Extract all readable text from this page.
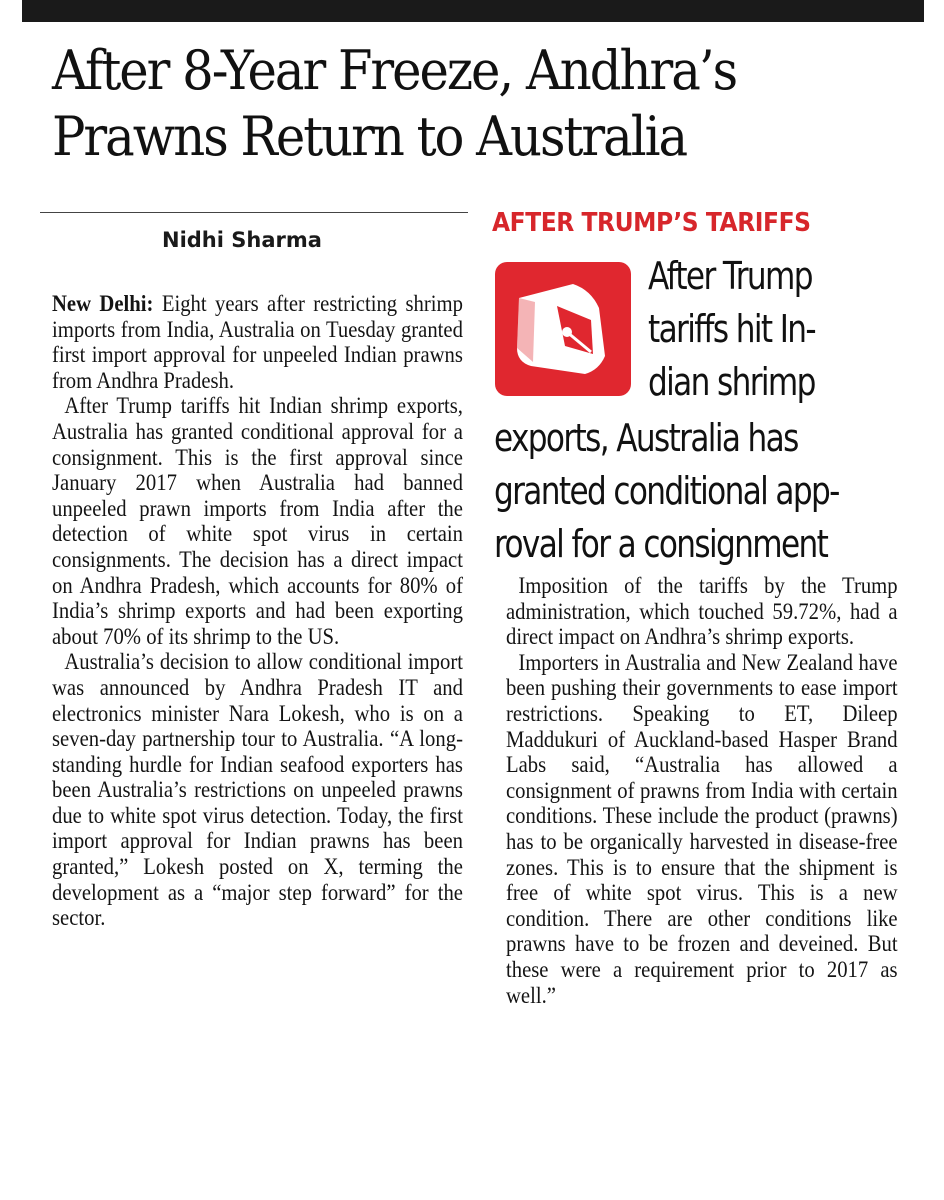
After 8-Year Freeze, Andhra’s
Prawns Return to Australia
Nidhi Sharma

New Delhi: Eight years after restricting shrimp imports from India, Australia on Tuesday granted first import approval for unpeeled Indian prawns from Andhra Pradesh.

After Trump tariffs hit Indian shrimp exports, Australia has granted conditional approval for a consignment. This is the first approval since January 2017 when Australia had banned unpeeled prawn imports from India after the detection of white spot virus in certain consignments. The decision has a direct impact on Andhra Pradesh, which accounts for 80% of India’s shrimp exports and had been exporting about 70% of its shrimp to the US.

Australia’s decision to allow conditional import was announced by Andhra Pradesh IT and electronics minister Nara Lokesh, who is on a seven-day partnership tour to Australia. “A long-standing hurdle for Indian seafood exporters has been Australia’s restrictions on unpeeled prawns due to white spot virus detection. Today, the first import approval for Indian prawns has been granted,” Lokesh posted on X, terming the development as a “major step forward” for the sector.

AFTER TRUMP’S TARIFFS
After Trump
tariffs hit In-
dian shrimp
exports, Australia has
granted conditional app-
roval for a consignment

Imposition of the tariffs by the Trump administration, which touched 59.72%, had a direct impact on Andhra’s shrimp exports.

Importers in Australia and New Zealand have been pushing their governments to ease import restrictions. Speaking to ET, Dileep Maddukuri of Auckland-based Hasper Brand Labs said, “Australia has allowed a consignment of prawns from India with certain conditions. These include the product (prawns) has to be organically harvested in disease-free zones. This is to ensure that the shipment is free of white spot virus. This is a new condition. There are other conditions like prawns have to be frozen and deveined. But these were a requirement prior to 2017 as well.”
